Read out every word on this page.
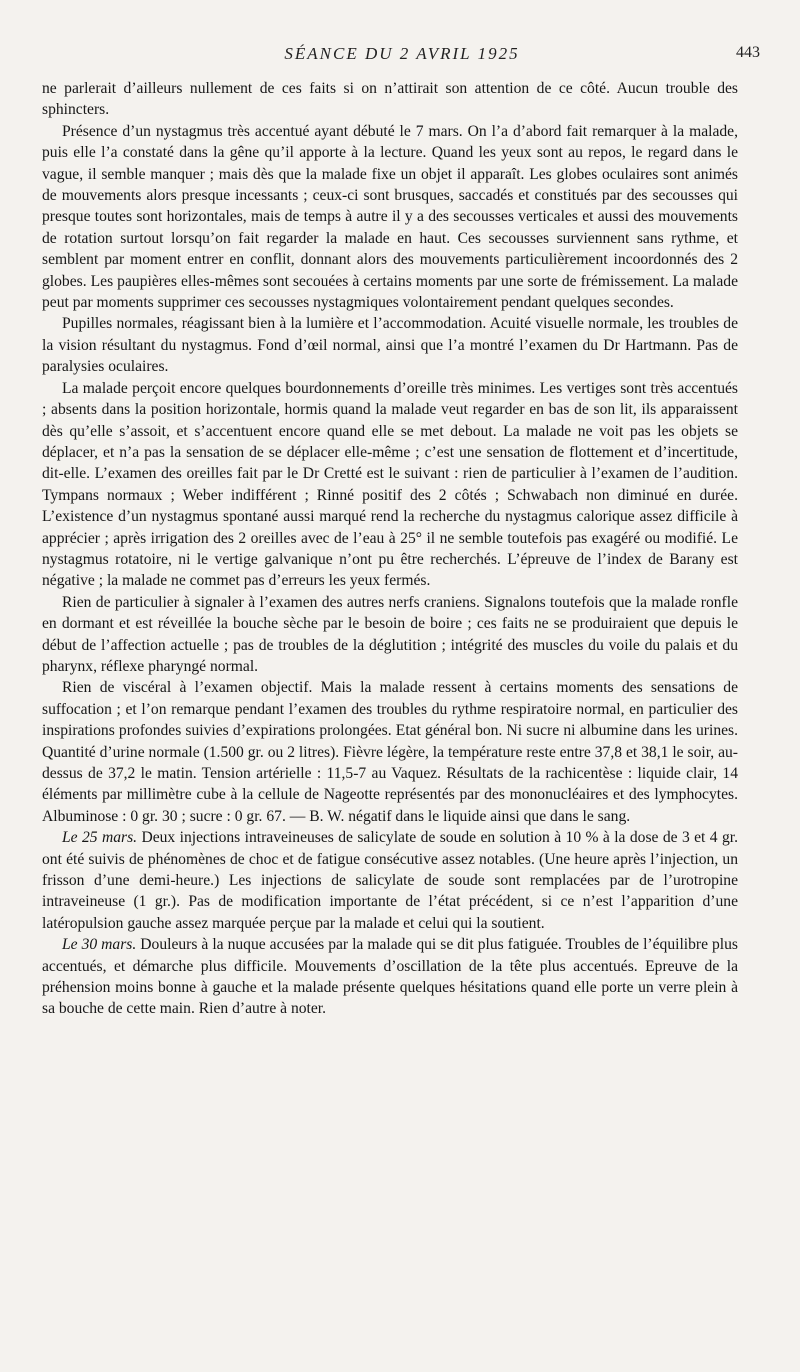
SÉANCE DU 2 AVRIL 1925	443

ne parlerait d’ailleurs nullement de ces faits si on n’attirait son attention de ce côté. Aucun trouble des sphincters.

Présence d’un nystagmus très accentué ayant débuté le 7 mars. On l’a d’abord fait remarquer à la malade, puis elle l’a constaté dans la gêne qu’il apporte à la lecture. Quand les yeux sont au repos, le regard dans le vague, il semble manquer ; mais dès que la malade fixe un objet il apparaît. Les globes oculaires sont animés de mouvements alors presque incessants ; ceux-ci sont brusques, saccadés et constitués par des secousses qui presque toutes sont horizontales, mais de temps à autre il y a des secousses verticales et aussi des mouvements de rotation surtout lorsqu’on fait regarder la malade en haut. Ces secousses surviennent sans rythme, et semblent par moment entrer en conflit, donnant alors des mouvements particulièrement incoordonnés des 2 globes. Les paupières elles-mêmes sont secouées à certains moments par une sorte de frémissement. La malade peut par moments supprimer ces secousses nystagmiques volontairement pendant quelques secondes.

Pupilles normales, réagissant bien à la lumière et l’accommodation. Acuité visuelle normale, les troubles de la vision résultant du nystagmus. Fond d’œil normal, ainsi que l’a montré l’examen du Dr Hartmann. Pas de paralysies oculaires.

La malade perçoit encore quelques bourdonnements d’oreille très minimes. Les vertiges sont très accentués ; absents dans la position horizontale, hormis quand la malade veut regarder en bas de son lit, ils apparaissent dès qu’elle s’assoit, et s’accentuent encore quand elle se met debout. La malade ne voit pas les objets se déplacer, et n’a pas la sensation de se déplacer elle-même ; c’est une sensation de flottement et d’incertitude, dit-elle. L’examen des oreilles fait par le Dr Cretté est le suivant : rien de particulier à l’examen de l’audition. Tympans normaux ; Weber indifférent ; Rinné positif des 2 côtés ; Schwabach non diminué en durée. L’existence d’un nystagmus spontané aussi marqué rend la recherche du nystagmus calorique assez difficile à apprécier ; après irrigation des 2 oreilles avec de l’eau à 25° il ne semble toutefois pas exagéré ou modifié. Le nystagmus rotatoire, ni le vertige galvanique n’ont pu être recherchés. L’épreuve de l’index de Barany est négative ; la malade ne commet pas d’erreurs les yeux fermés.

Rien de particulier à signaler à l’examen des autres nerfs craniens. Signalons toutefois que la malade ronfle en dormant et est réveillée la bouche sèche par le besoin de boire ; ces faits ne se produiraient que depuis le début de l’affection actuelle ; pas de troubles de la déglutition ; intégrité des muscles du voile du palais et du pharynx, réflexe pharyngé normal.

Rien de viscéral à l’examen objectif. Mais la malade ressent à certains moments des sensations de suffocation ; et l’on remarque pendant l’examen des troubles du rythme respiratoire normal, en particulier des inspirations profondes suivies d’expirations prolongées. Etat général bon. Ni sucre ni albumine dans les urines. Quantité d’urine normale (1.500 gr. ou 2 litres). Fièvre légère, la température reste entre 37,8 et 38,1 le soir, au-dessus de 37,2 le matin. Tension artérielle : 11,5-7 au Vaquez. Résultats de la rachicentèse : liquide clair, 14 éléments par millimètre cube à la cellule de Nageotte représentés par des mononucléaires et des lymphocytes. Albuminose : 0 gr. 30 ; sucre : 0 gr. 67. — B. W. négatif dans le liquide ainsi que dans le sang.

Le 25 mars. Deux injections intraveineuses de salicylate de soude en solution à 10 % à la dose de 3 et 4 gr. ont été suivis de phénomènes de choc et de fatigue consécutive assez notables. (Une heure après l’injection, un frisson d’une demi-heure.) Les injections de salicylate de soude sont remplacées par de l’urotropine intraveineuse (1 gr.). Pas de modification importante de l’état précédent, si ce n’est l’apparition d’une latéropulsion gauche assez marquée perçue par la malade et celui qui la soutient.

Le 30 mars. Douleurs à la nuque accusées par la malade qui se dit plus fatiguée. Troubles de l’équilibre plus accentués, et démarche plus difficile. Mouvements d’oscillation de la tête plus accentués. Epreuve de la préhension moins bonne à gauche et la malade présente quelques hésitations quand elle porte un verre plein à sa bouche de cette main. Rien d’autre à noter.
